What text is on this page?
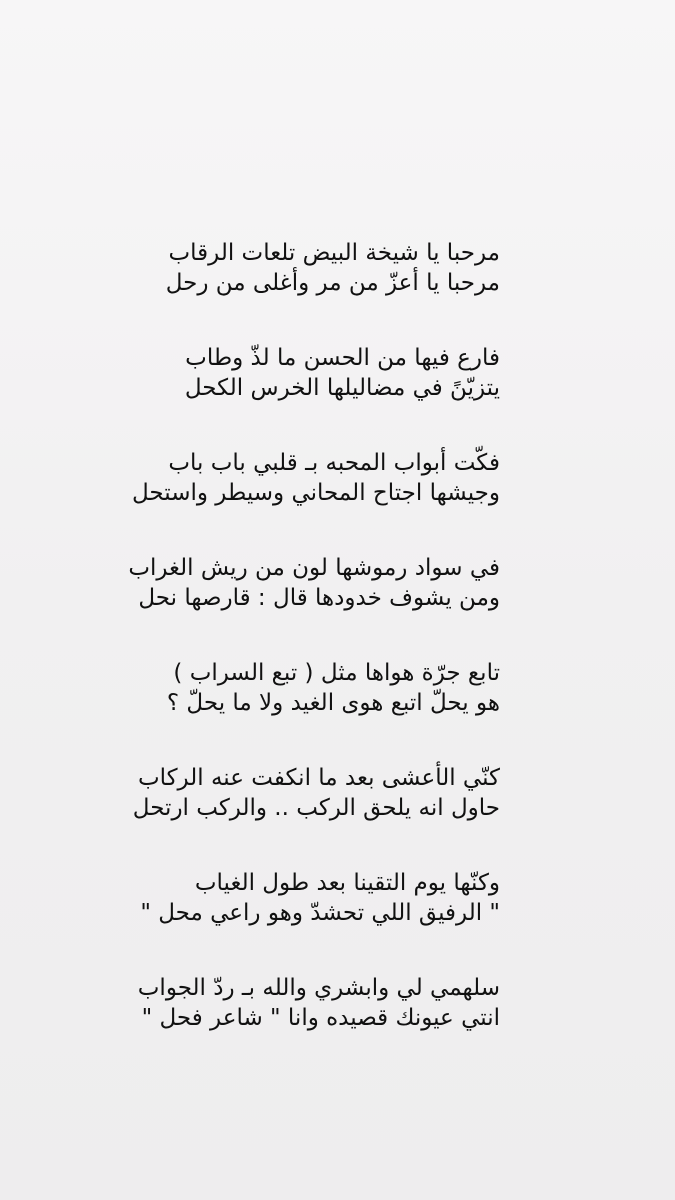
مرحبا يا شيخة البيض تلعات الرقاب
مرحبا يا أعزّ من مر وأغلى من رحل
فارع فيها من الحسن ما لذّ وطاب
يتزيّنً في مضاليلها الخرس الكحل
فكّت أبواب المحبه بـ قلبي باب باب
وجيشها اجتاح المحاني وسيطر واستحل
في سواد رموشها لون من ريش الغراب
ومن يشوف خدودها قال : قارصها نحل
تابع جرّة هواها مثل ( تبع السراب )
هو يحلّ اتبع هوى الغيد ولا ما يحلّ ؟
كنّي الأعشى بعد ما انكفت عنه الركاب
حاول انه يلحق الركب .. والركب ارتحل
وكنّها يوم التقينا بعد طول الغياب
" الرفيق اللي تحشدّ وهو راعي محل "
سلهمي لي وابشري والله بـ ردّ الجواب
انتي عيونك قصيده وانا " شاعر فحل "
